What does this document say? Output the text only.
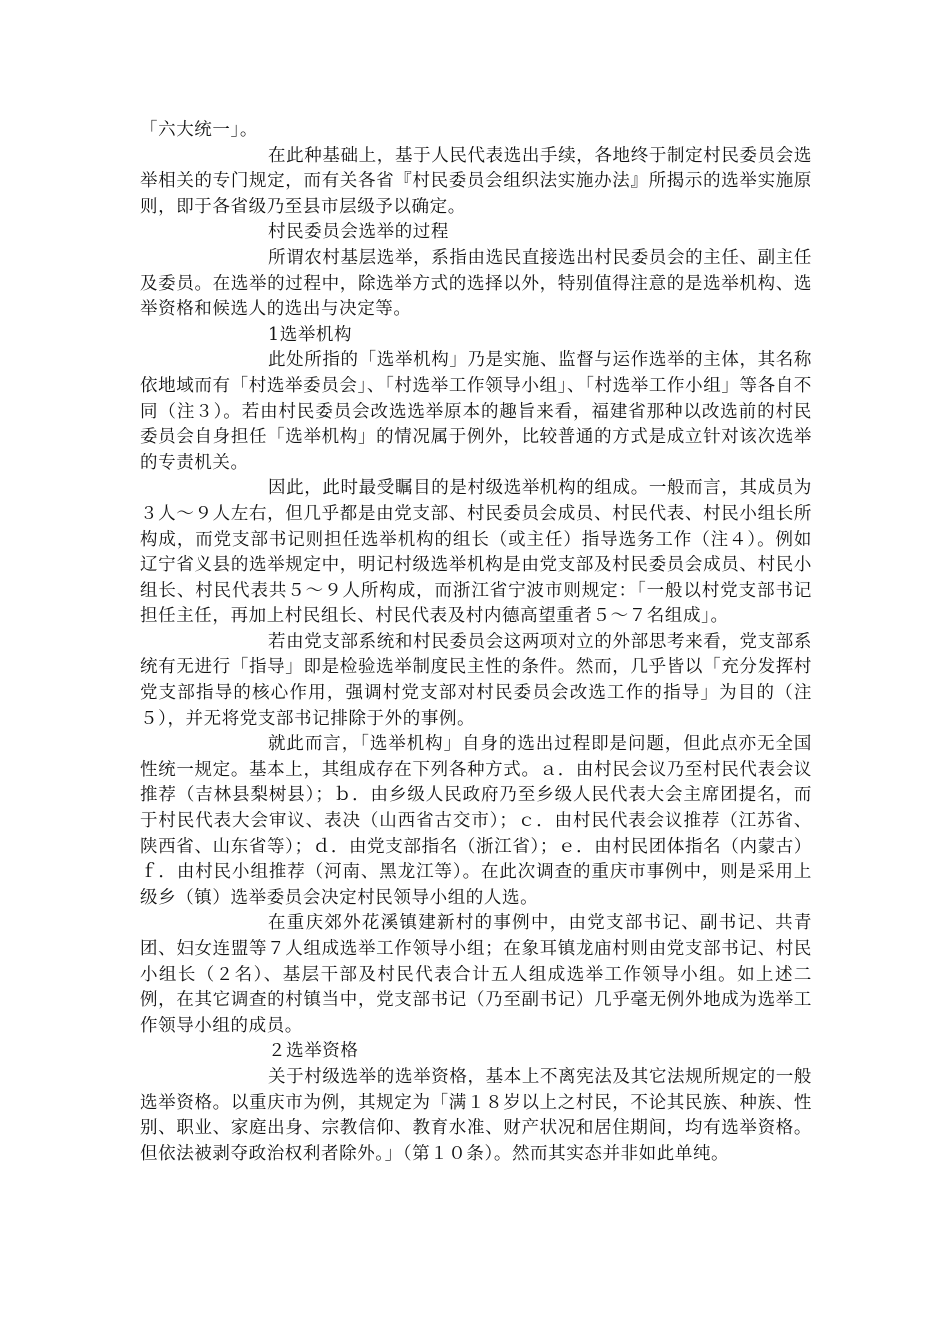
「六大统一」。

在此种基础上，基于人民代表选出手续，各地终于制定村民委员会选举相关的专门规定，而有关各省『村民委员会组织法实施办法』所揭示的选举实施原则，即于各省级乃至县市层级予以确定。

村民委员会选举的过程

所谓农村基层选举，系指由选民直接选出村民委员会的主任、副主任及委员。在选举的过程中，除选举方式的选择以外，特别值得注意的是选举机构、选举资格和候选人的选出与决定等。

1选举机构

此处所指的「选举机构」乃是实施、监督与运作选举的主体，其名称依地域而有「村选举委员会」、「村选举工作领导小组」、「村选举工作小组」等各自不同（注３）。若由村民委员会改选选举原本的趣旨来看，福建省那种以改选前的村民委员会自身担任「选举机构」的情况属于例外，比较普通的方式是成立针对该次选举的专责机关。

因此，此时最受瞩目的是村级选举机构的组成。一般而言，其成员为３人～９人左右，但几乎都是由党支部、村民委员会成员、村民代表、村民小组长所构成，而党支部书记则担任选举机构的组长（或主任）指导选务工作（注４）。例如辽宁省义县的选举规定中，明记村级选举机构是由党支部及村民委员会成员、村民小组长、村民代表共５～９人所构成，而浙江省宁波市则规定：「一般以村党支部书记担任主任，再加上村民组长、村民代表及村内德高望重者５～７名组成」。

若由党支部系统和村民委员会这两项对立的外部思考来看，党支部系统有无进行「指导」即是检验选举制度民主性的条件。然而，几乎皆以「充分发挥村党支部指导的核心作用，强调村党支部对村民委员会改选工作的指导」为目的（注５），并无将党支部书记排除于外的事例。

就此而言，「选举机构」自身的选出过程即是问题，但此点亦无全国性统一规定。基本上，其组成存在下列各种方式。ａ．由村民会议乃至村民代表会议推荐（吉林县梨树县）；ｂ．由乡级人民政府乃至乡级人民代表大会主席团提名，而于村民代表大会审议、表决（山西省古交市）；ｃ．由村民代表会议推荐（江苏省、陕西省、山东省等）；ｄ．由党支部指名（浙江省）；ｅ．由村民团体指名（内蒙古）ｆ．由村民小组推荐（河南、黑龙江等）。在此次调查的重庆市事例中，则是采用上级乡（镇）选举委员会决定村民领导小组的人选。

在重庆郊外花溪镇建新村的事例中，由党支部书记、副书记、共青团、妇女连盟等７人组成选举工作领导小组；在象耳镇龙庙村则由党支部书记、村民小组长（２名）、基层干部及村民代表合计五人组成选举工作领导小组。如上述二例，在其它调查的村镇当中，党支部书记（乃至副书记）几乎毫无例外地成为选举工作领导小组的成员。

２选举资格

关于村级选举的选举资格，基本上不离宪法及其它法规所规定的一般选举资格。以重庆市为例，其规定为「满１８岁以上之村民，不论其民族、种族、性别、职业、家庭出身、宗教信仰、教育水准、财产状况和居住期间，均有选举资格。但依法被剥夺政治权利者除外。」（第１０条）。然而其实态并非如此单纯。
